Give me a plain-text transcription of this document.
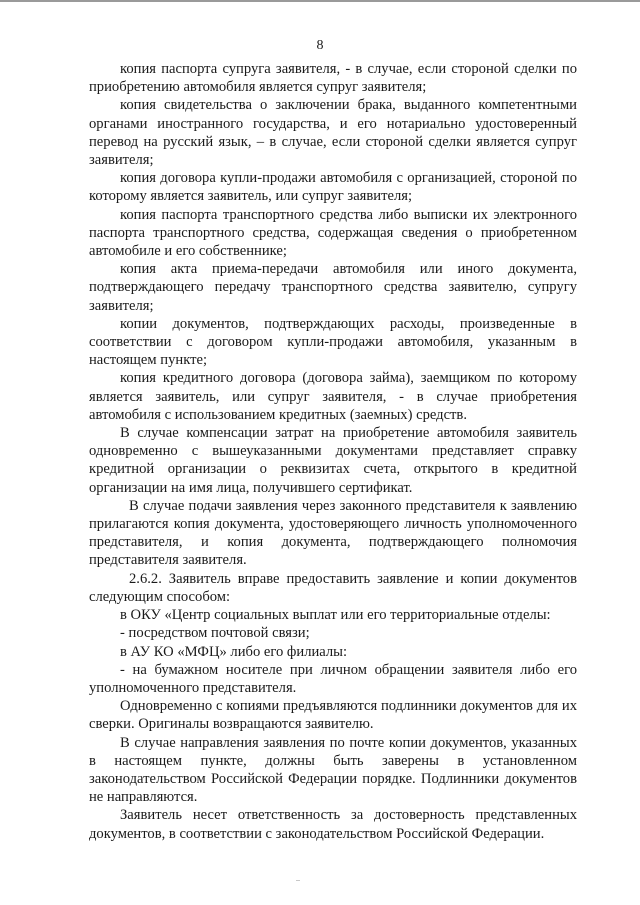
8

копия паспорта супруга заявителя, - в случае, если стороной сделки по приобретению автомобиля является супруг заявителя;

копия свидетельства о заключении брака, выданного компетентными органами иностранного государства, и его нотариально удостоверенный перевод на русский язык, – в случае, если стороной сделки является супруг заявителя;

копия договора купли-продажи автомобиля с организацией, стороной по которому является заявитель, или супруг заявителя;

копия паспорта транспортного средства либо выписки их электронного паспорта транспортного средства, содержащая сведения о приобретенном автомобиле и его собственнике;

копия акта приема-передачи автомобиля или иного документа, подтверждающего передачу транспортного средства заявителю, супругу заявителя;

копии документов, подтверждающих расходы, произведенные в соответствии с договором купли-продажи автомобиля, указанным в настоящем пункте;

копия кредитного договора (договора займа), заемщиком по которому является заявитель, или супруг заявителя, - в случае приобретения автомобиля с использованием кредитных (заемных) средств.

В случае компенсации затрат на приобретение автомобиля заявитель одновременно с вышеуказанными документами представляет справку кредитной организации о реквизитах счета, открытого в кредитной организации на имя лица, получившего сертификат.

В случае подачи заявления через законного представителя к заявлению прилагаются копия документа, удостоверяющего личность уполномоченного представителя, и копия документа, подтверждающего полномочия представителя заявителя.

2.6.2. Заявитель вправе предоставить заявление и копии документов следующим способом:

в ОКУ «Центр социальных выплат или его территориальные отделы:

- посредством почтовой связи;

в АУ КО «МФЦ» либо его филиалы:

- на бумажном носителе при личном обращении заявителя либо его уполномоченного представителя.

Одновременно с копиями предъявляются подлинники документов для их сверки. Оригиналы возвращаются заявителю.

В случае направления заявления по почте копии документов, указанных в настоящем пункте, должны быть заверены в установленном законодательством Российской Федерации порядке. Подлинники документов не направляются.

Заявитель несет ответственность за достоверность представленных документов, в соответствии с законодательством Российской Федерации.
